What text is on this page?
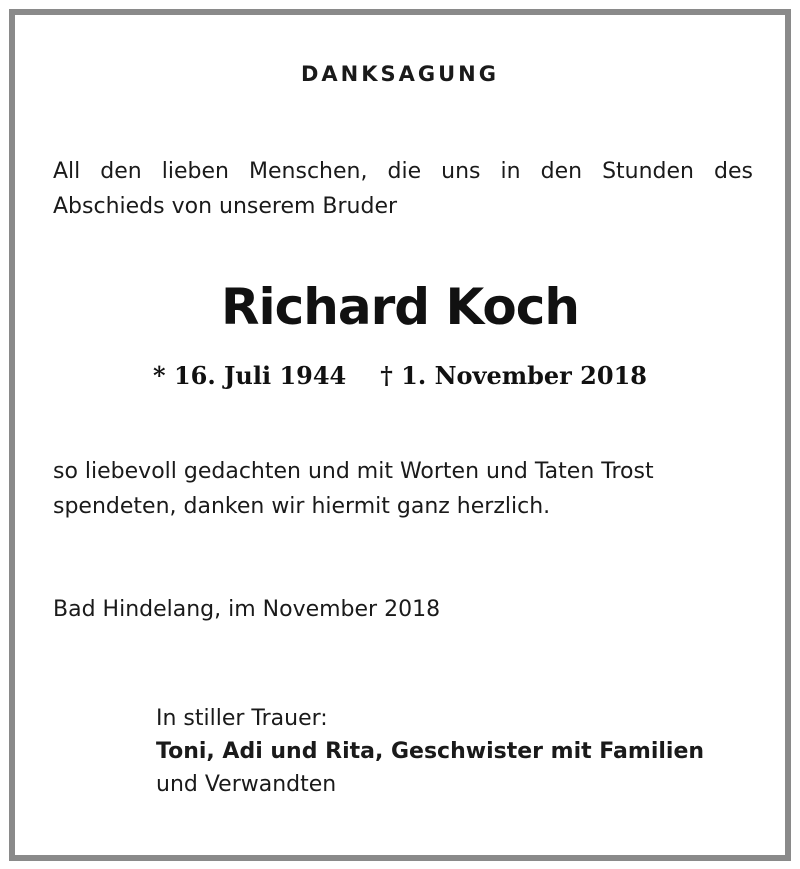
DANKSAGUNG
All den lieben Menschen, die uns in den Stunden des
Abschieds von unserem Bruder
Richard Koch
* 16. Juli 1944 † 1. November 2018
so liebevoll gedachten und mit Worten und Taten Trost
spendeten, danken wir hiermit ganz herzlich.
Bad Hindelang, im November 2018
In stiller Trauer:
Toni, Adi und Rita, Geschwister mit Familien
und Verwandten
